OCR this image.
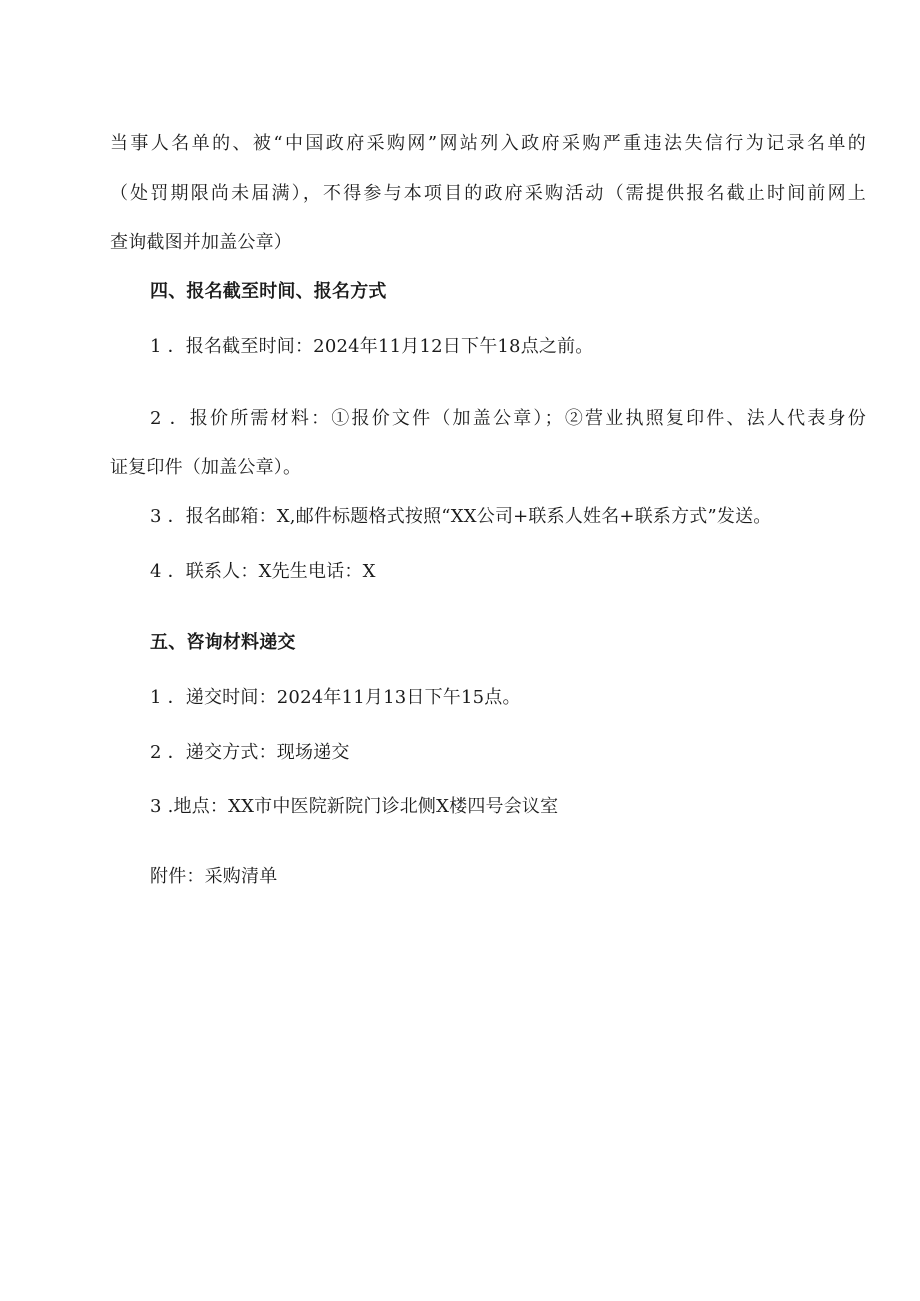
当事人名单的、被“中国政府采购网”网站列入政府采购严重违法失信行为记录名单的
（处罚期限尚未届满），不得参与本项目的政府采购活动（需提供报名截止时间前网上
查询截图并加盖公章）
四、报名截至时间、报名方式
1 ．报名截至时间：2024年11月12日下午18点之前。
2 ．报价所需材料：①报价文件（加盖公章）；②营业执照复印件、法人代表身份
证复印件（加盖公章）。
3 ．报名邮箱：X,邮件标题格式按照“XX公司+联系人姓名+联系方式”发送。
4 ．联系人：X先生电话：X
五、咨询材料递交
1 ．递交时间：2024年11月13日下午15点。
2 ．递交方式：现场递交
3 .地点：XX市中医院新院门诊北侧X楼四号会议室
附件：采购清单
